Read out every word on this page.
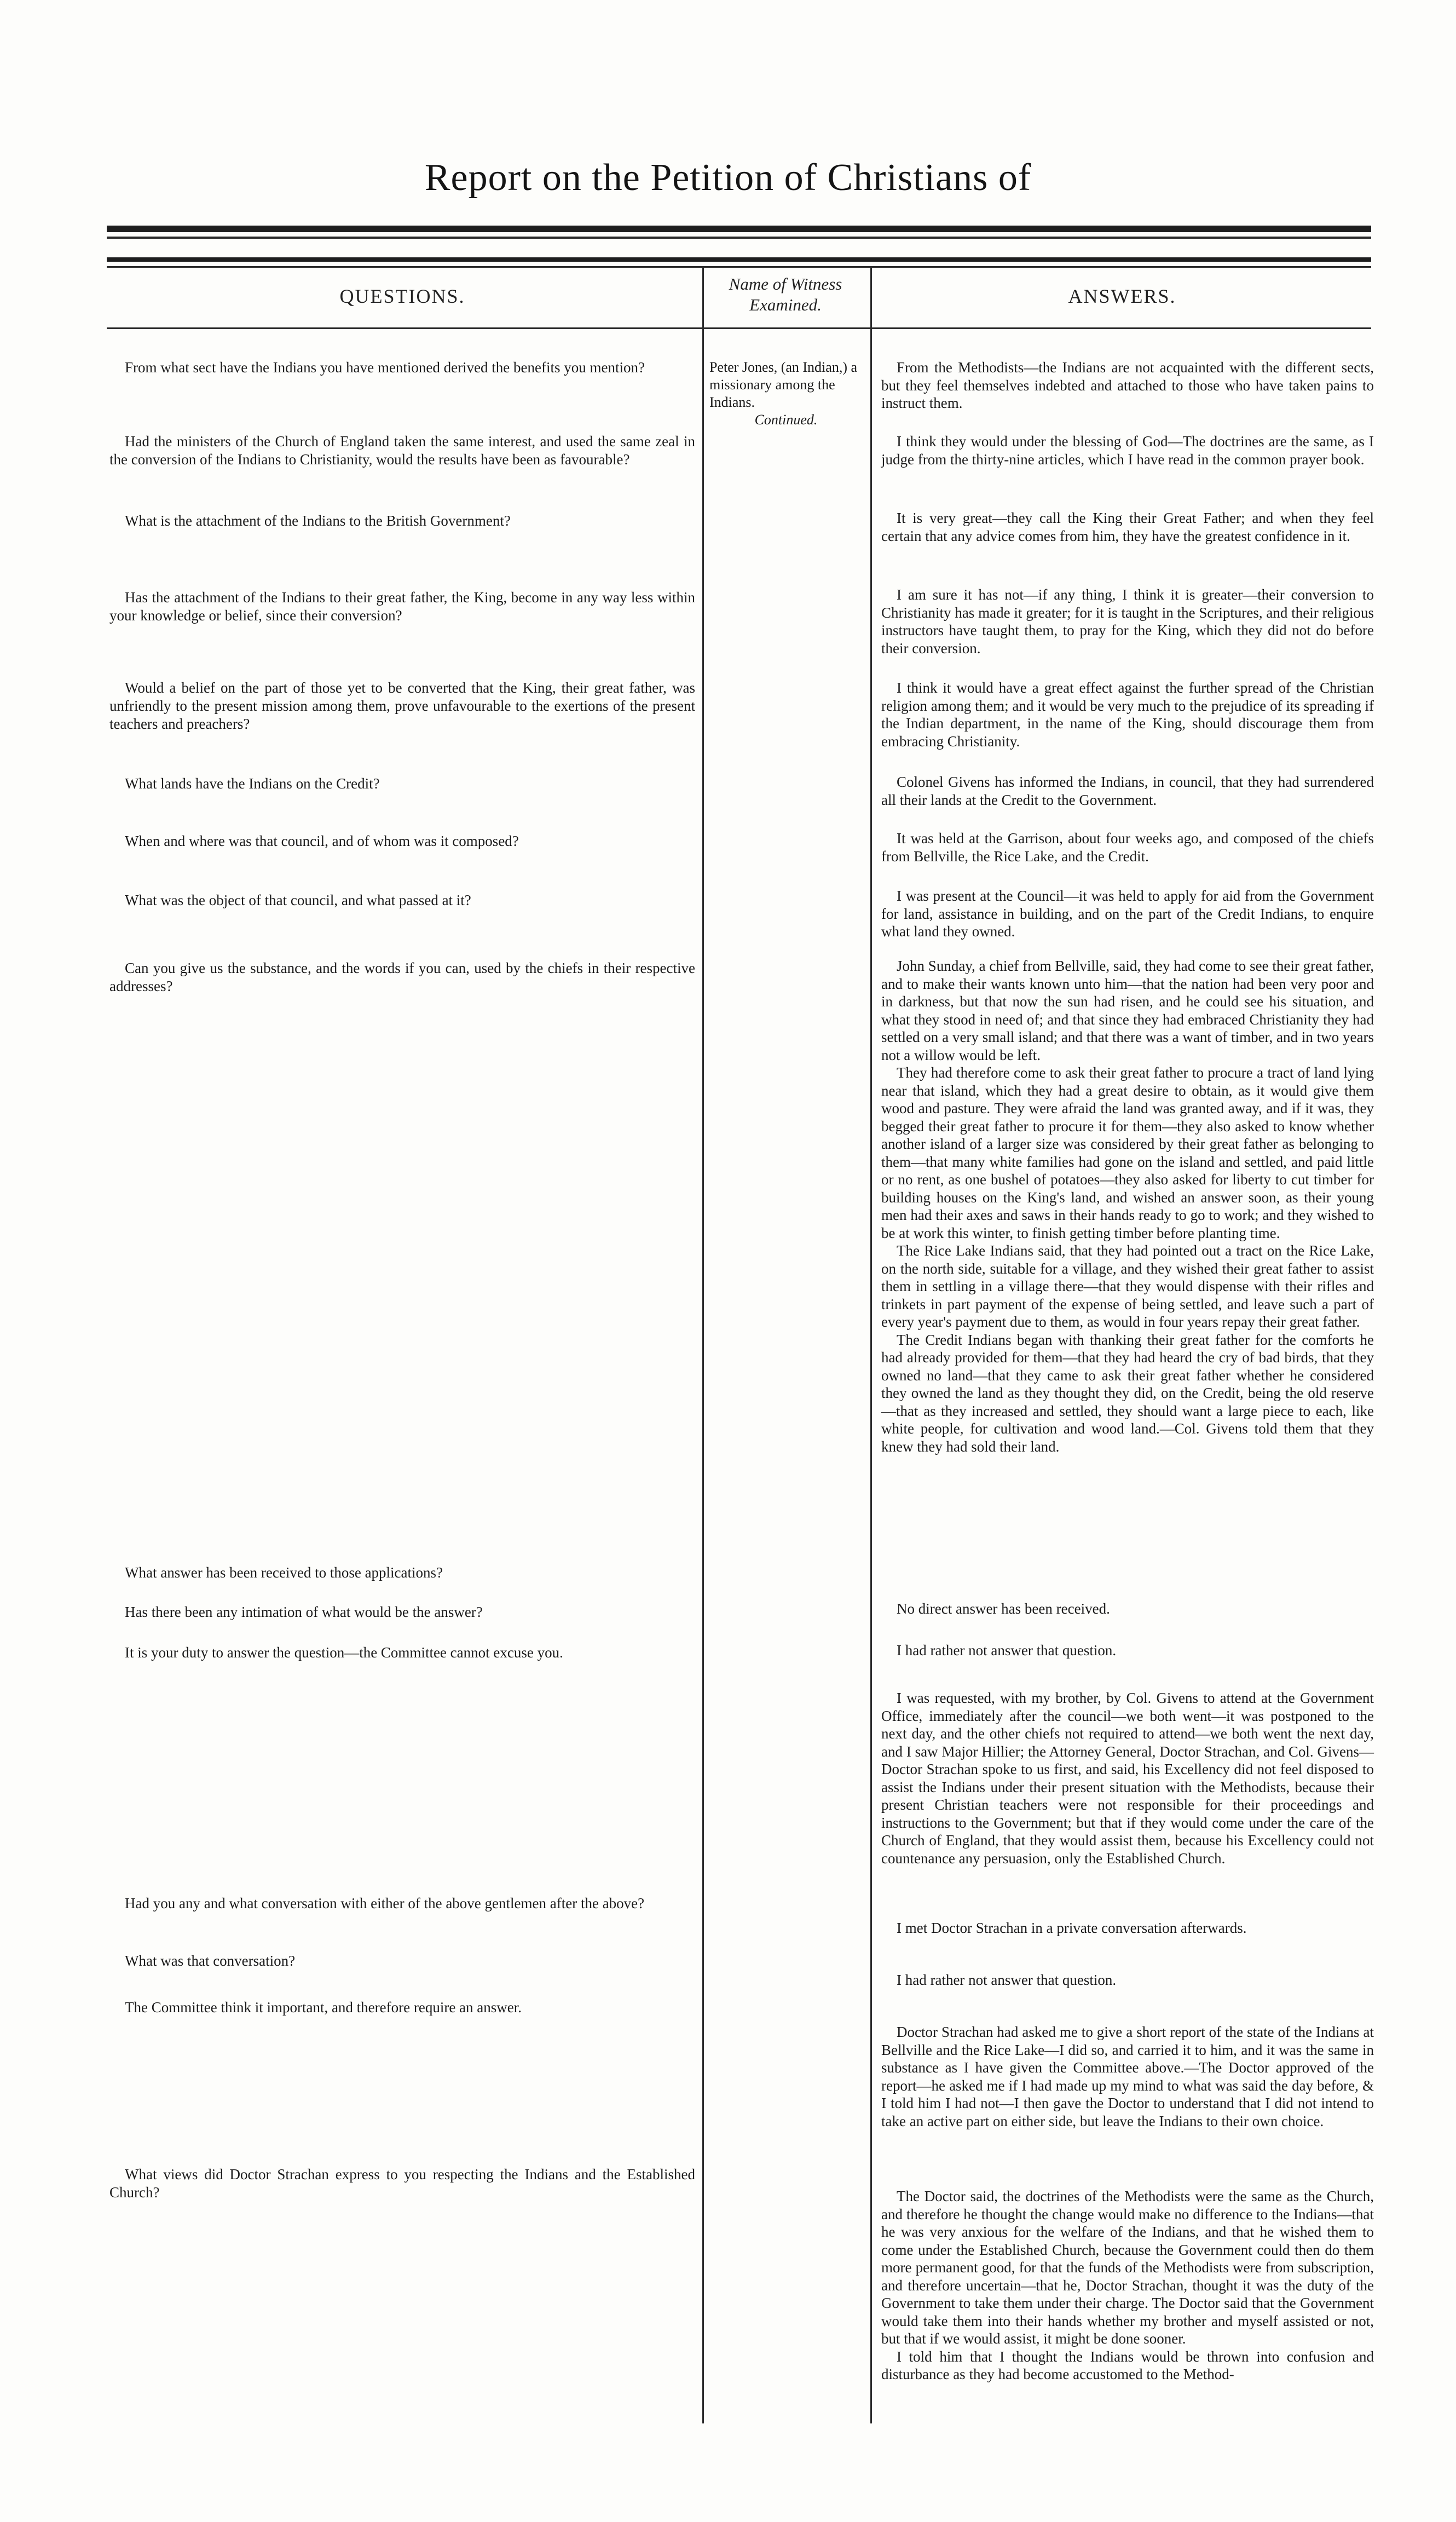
Report on the Petition of Christians of
QUESTIONS.
Name of Witness Examined.	ANSWERS.
Peter Jones, (an Indian,) a missionary among the Indians.
Continued.
From what sect have the Indians you have mentioned derived the benefits you mention?
Had the ministers of the Church of England taken the same interest, and used the same zeal in the conversion of the Indians to Christianity, would the results have been as favourable?
What is the attachment of the Indians to the British Government?
Has the attachment of the Indians to their great father, the King, become in any way less within your knowledge or belief, since their conversion?
Would a belief on the part of those yet to be converted that the King, their great father, was unfriendly to the present mission among them, prove unfavourable to the exertions of the present teachers and preachers?
What lands have the Indians on the Credit?
When and where was that council, and of whom was it composed?
What was the object of that council, and what passed at it?
Can you give us the substance, and the words if you can, used by the chiefs in their respective addresses?
What answer has been received to those applications?
Has there been any intimation of what would be the answer?
It is your duty to answer the question—the Committee cannot excuse you.
Had you any and what conversation with either of the above gentlemen after the above?
What was that conversation?
The Committee think it important, and therefore require an answer.
What views did Doctor Strachan express to you respecting the Indians and the Established Church?

From the Methodists—the Indians are not acquainted with the different sects, but they feel themselves indebted and attached to those who have taken pains to instruct them.

I think they would under the blessing of God—The doctrines are the same, as I judge from the thirty-nine articles, which I have read in the common prayer book.

It is very great—they call the King their Great Father; and when they feel certain that any advice comes from him, they have the greatest confidence in it.

I am sure it has not—if any thing, I think it is greater—their conversion to Christianity has made it greater; for it is taught in the Scriptures, and their religious instructors have taught them, to pray for the King, which they did not do before their conversion.

I think it would have a great effect against the further spread of the Christian religion among them; and it would be very much to the prejudice of its spreading if the Indian department, in the name of the King, should discourage them from embracing Christianity.

Colonel Givens has informed the Indians, in council, that they had surrendered all their lands at the Credit to the Government.

It was held at the Garrison, about four weeks ago, and composed of the chiefs from Bellville, the Rice Lake, and the Credit.

I was present at the Council—it was held to apply for aid from the Government for land, assistance in building, and on the part of the Credit Indians, to enquire what land they owned.

John Sunday, a chief from Bellville, said, they had come to see their great father, and to make their wants known unto him—that the nation had been very poor and in darkness, but that now the sun had risen, and he could see his situation, and what they stood in need of; and that since they had embraced Christianity they had settled on a very small island; and that there was a want of timber, and in two years not a willow would be left.

They had therefore come to ask their great father to procure a tract of land lying near that island, which they had a great desire to obtain, as it would give them wood and pasture. They were afraid the land was granted away, and if it was, they begged their great father to procure it for them—they also asked to know whether another island of a larger size was considered by their great father as belonging to them—that many white families had gone on the island and settled, and paid little or no rent, as one bushel of potatoes—they also asked for liberty to cut timber for building houses on the King's land, and wished an answer soon, as their young men had their axes and saws in their hands ready to go to work; and they wished to be at work this winter, to finish getting timber before planting time.

The Rice Lake Indians said, that they had pointed out a tract on the Rice Lake, on the north side, suitable for a village, and they wished their great father to assist them in settling in a village there—that they would dispense with their rifles and trinkets in part payment of the expense of being settled, and leave such a part of every year's payment due to them, as would in four years repay their great father.

The Credit Indians began with thanking their great father for the comforts he had already provided for them—that they had heard the cry of bad birds, that they owned no land—that they came to ask their great father whether he considered they owned the land as they thought they did, on the Credit, being the old reserve—that as they increased and settled, they should want a large piece to each, like white people, for cultivation and wood land.—Col. Givens told them that they knew they had sold their land.

No direct answer has been received.

I had rather not answer that question.

I was requested, with my brother, by Col. Givens to attend at the Government Office, immediately after the council—we both went—it was postponed to the next day, and the other chiefs not required to attend—we both went the next day, and I saw Major Hillier; the Attorney General, Doctor Strachan, and Col. Givens—Doctor Strachan spoke to us first, and said, his Excellency did not feel disposed to assist the Indians under their present situation with the Methodists, because their present Christian teachers were not responsible for their proceedings and instructions to the Government; but that if they would come under the care of the Church of England, that they would assist them, because his Excellency could not countenance any persuasion, only the Established Church.

I met Doctor Strachan in a private conversation afterwards.

I had rather not answer that question.

Doctor Strachan had asked me to give a short report of the state of the Indians at Bellville and the Rice Lake—I did so, and carried it to him, and it was the same in substance as I have given the Committee above.—The Doctor approved of the report—he asked me if I had made up my mind to what was said the day before, & I told him I had not—I then gave the Doctor to understand that I did not intend to take an active part on either side, but leave the Indians to their own choice.

The Doctor said, the doctrines of the Methodists were the same as the Church, and therefore he thought the change would make no difference to the Indians—that he was very anxious for the welfare of the Indians, and that he wished them to come under the Established Church, because the Government could then do them more permanent good, for that the funds of the Methodists were from subscription, and therefore uncertain—that he, Doctor Strachan, thought it was the duty of the Government to take them under their charge. The Doctor said that the Government would take them into their hands whether my brother and myself assisted or not, but that if we would assist, it might be done sooner.

I told him that I thought the Indians would be thrown into confusion and disturbance as they had become accustomed to the Method-
